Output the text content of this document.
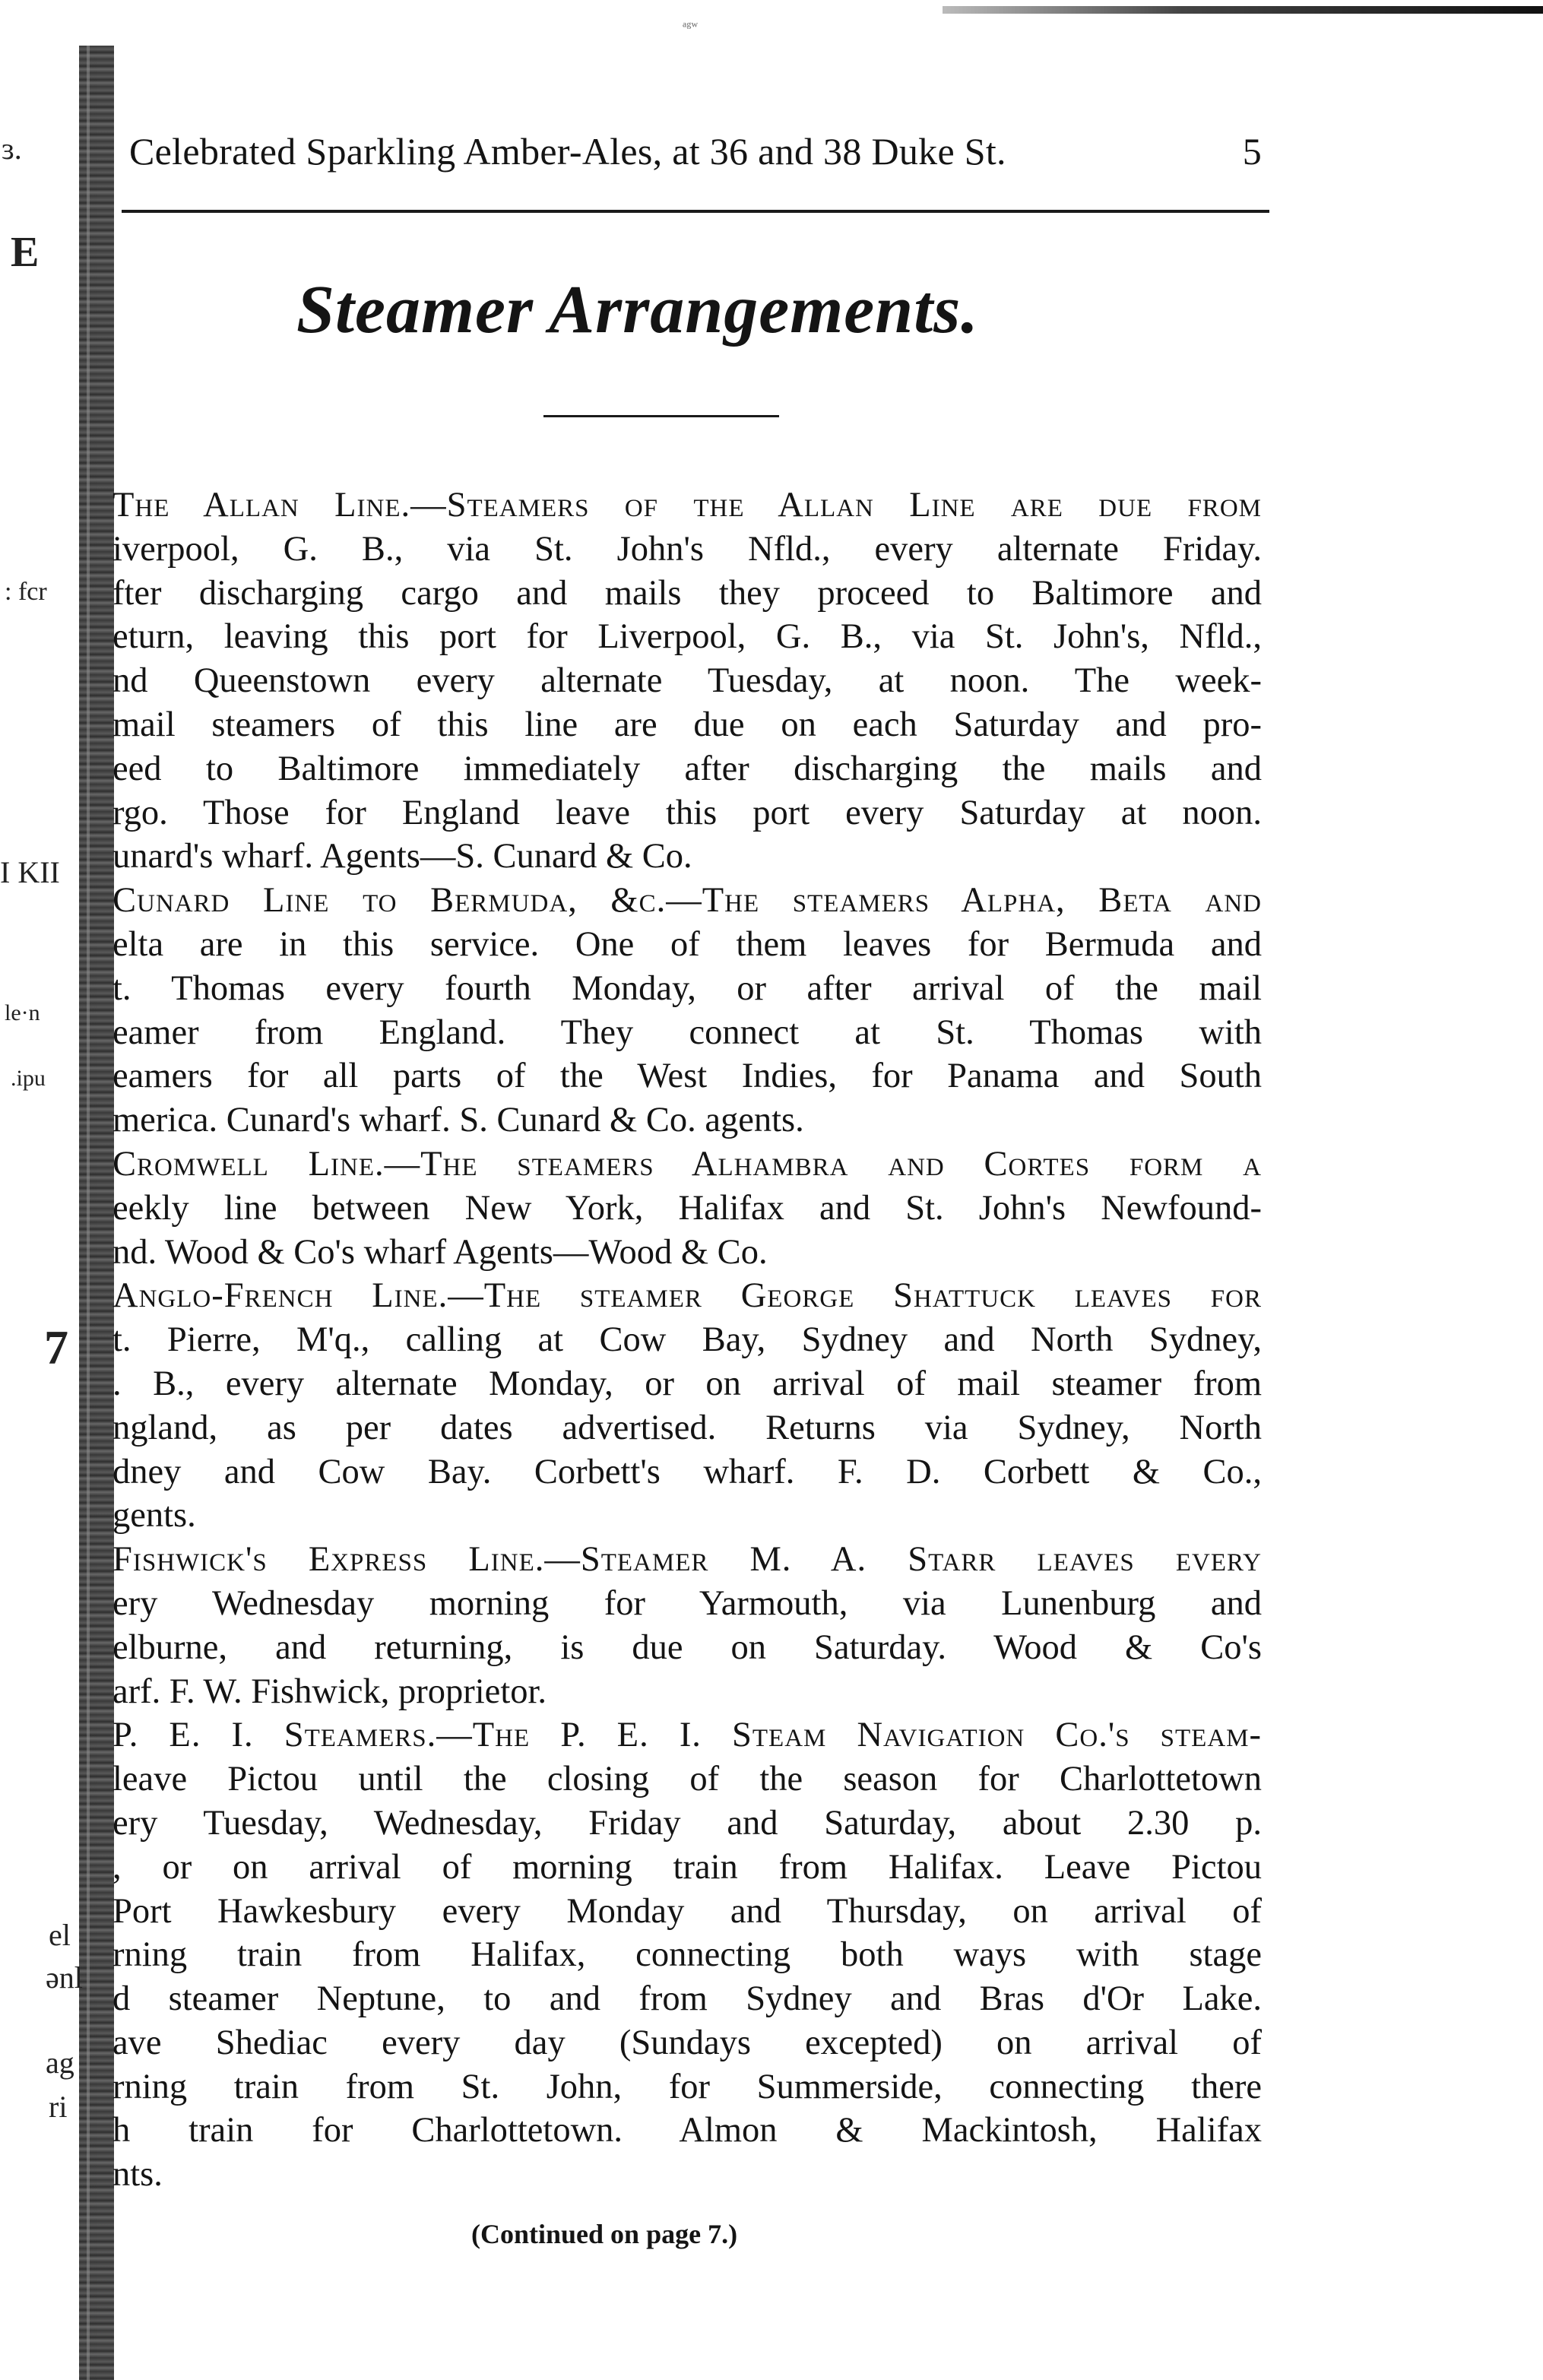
ᵃᵍʷ
ɜ.
E
: fcr
I KII
le·n
.ipu
7
el
ənl
ag
ri
Celebrated Sparkling Amber-Ales, at 36 and 38 Duke St.	5
Steamer Arrangements.

The Allan Line.—Steamers of the Allan Line are due from

iverpool, G. B., via St. John's Nfld., every alternate Friday.

fter discharging cargo and mails they proceed to Baltimore and

eturn, leaving this port for Liverpool, G. B., via St. John's, Nfld.,

nd Queenstown every alternate Tuesday, at noon. The week-

mail steamers of this line are due on each Saturday and pro-

eed to Baltimore immediately after discharging the mails and

rgo. Those for England leave this port every Saturday at noon.

unard's wharf. Agents—S. Cunard & Co.

Cunard Line to Bermuda, &c.—The steamers Alpha, Beta and

elta are in this service. One of them leaves for Bermuda and

t. Thomas every fourth Monday, or after arrival of the mail

eamer from England. They connect at St. Thomas with

eamers for all parts of the West Indies, for Panama and South

merica. Cunard's wharf. S. Cunard & Co. agents.

Cromwell Line.—The steamers Alhambra and Cortes form a

eekly line between New York, Halifax and St. John's Newfound-

nd. Wood & Co's wharf Agents—Wood & Co.

Anglo-French Line.—The steamer George Shattuck leaves for

t. Pierre, M'q., calling at Cow Bay, Sydney and North Sydney,

. B., every alternate Monday, or on arrival of mail steamer from

ngland, as per dates advertised. Returns via Sydney, North

dney and Cow Bay. Corbett's wharf. F. D. Corbett & Co.,

gents.

Fishwick's Express Line.—Steamer M. A. Starr leaves every

ery Wednesday morning for Yarmouth, via Lunenburg and

elburne, and returning, is due on Saturday. Wood & Co's

arf. F. W. Fishwick, proprietor.

P. E. I. Steamers.—The P. E. I. Steam Navigation Co.'s steam-

leave Pictou until the closing of the season for Charlottetown

ery Tuesday, Wednesday, Friday and Saturday, about 2.30 p.

, or on arrival of morning train from Halifax. Leave Pictou

Port Hawkesbury every Monday and Thursday, on arrival of

rning train from Halifax, connecting both ways with stage

d steamer Neptune, to and from Sydney and Bras d'Or Lake.

ave Shediac every day (Sundays excepted) on arrival of

rning train from St. John, for Summerside, connecting there

h train for Charlottetown. Almon & Mackintosh, Halifax

nts.

(Continued on page 7.)
